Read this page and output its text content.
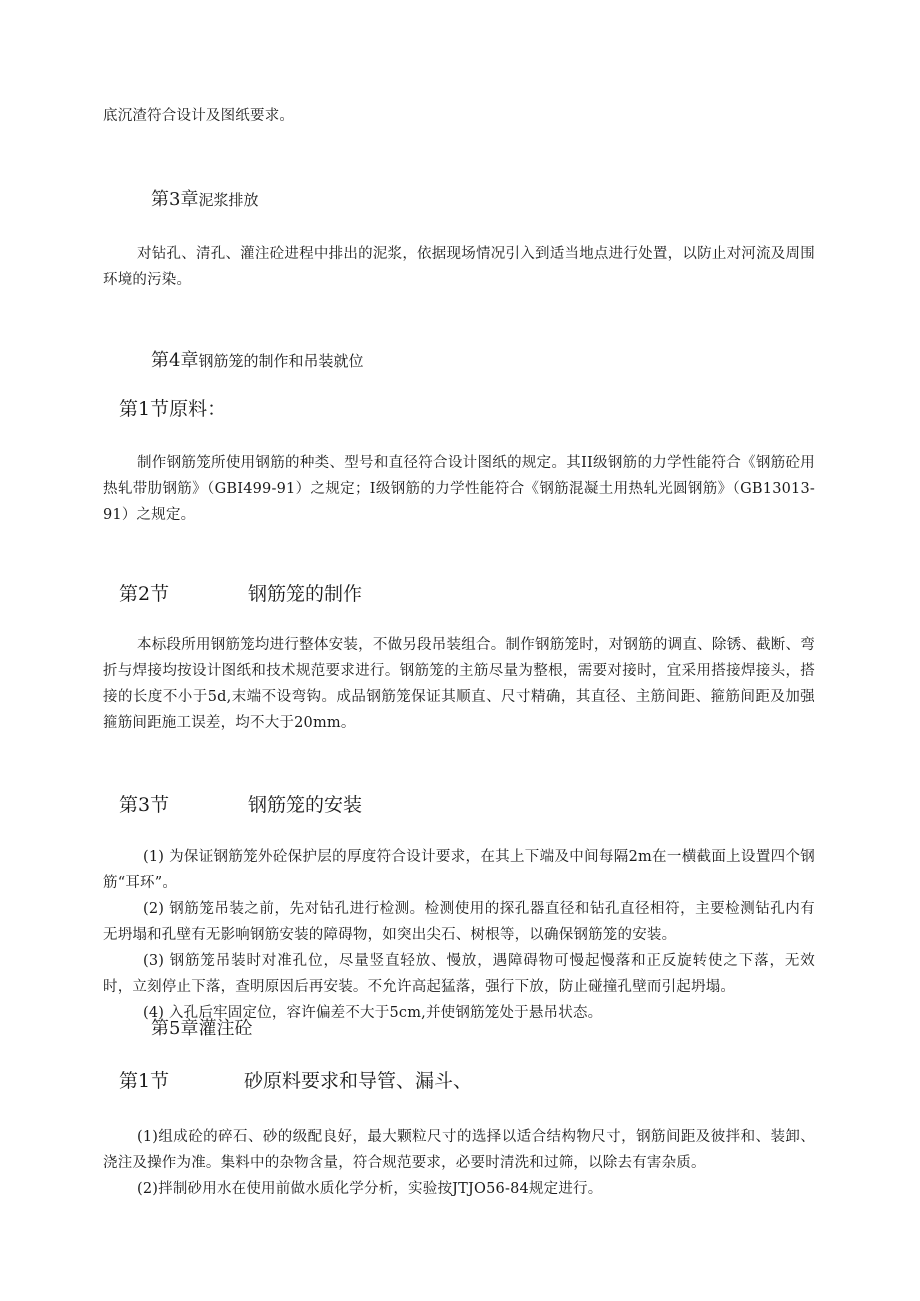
底沉渣符合设计及图纸要求。

第3章泥浆排放

对钻孔、清孔、灌注砼进程中排出的泥浆，依据现场情况引入到适当地点进行处置，以防止对河流及周围环境的污染。

第4章钢筋笼的制作和吊装就位
第1节原料：

制作钢筋笼所使用钢筋的种类、型号和直径符合设计图纸的规定。其II级钢筋的力学性能符合《钢筋砼用热轧带肋钢筋》（GBI499-91）之规定；I级钢筋的力学性能符合《钢筋混凝土用热轧光圆钢筋》（GB13013-91）之规定。

第2节	钢筋笼的制作

本标段所用钢筋笼均进行整体安装，不做另段吊装组合。制作钢筋笼时，对钢筋的调直、除锈、截断、弯折与焊接均按设计图纸和技术规范要求进行。钢筋笼的主筋尽量为整根，需要对接时，宜采用搭接焊接头，搭接的长度不小于5d,末端不设弯钩。成品钢筋笼保证其顺直、尺寸精确，其直径、主筋间距、箍筋间距及加强箍筋间距施工误差，均不大于20mm。

第3节	钢筋笼的安装
(1) 为保证钢筋笼外砼保护层的厚度符合设计要求，在其上下端及中间每隔2m在一横截面上设置四个钢筋“耳环”。
(2) 钢筋笼吊装之前，先对钻孔进行检测。检测使用的探孔器直径和钻孔直径相符，主要检测钻孔内有无坍塌和孔壁有无影响钢筋安装的障碍物，如突出尖石、树根等，以确保钢筋笼的安装。
(3) 钢筋笼吊装时对准孔位，尽量竖直轻放、慢放，遇障碍物可慢起慢落和正反旋转使之下落，无效时，立刻停止下落，查明原因后再安装。不允许高起猛落，强行下放，防止碰撞孔壁而引起坍塌。
(4) 入孔后牢固定位，容许偏差不大于5cm,并使钢筋笼处于悬吊状态。
第5章灌注砼
第1节	砂原料要求和导管、漏斗、
(1)组成砼的碎石、砂的级配良好，最大颗粒尺寸的选择以适合结构物尺寸，钢筋间距及彼拌和、装卸、浇注及操作为准。集料中的杂物含量，符合规范要求，必要时清洗和过筛，以除去有害杂质。
(2)拌制砂用水在使用前做水质化学分析，实验按JTJO56-84规定进行。
